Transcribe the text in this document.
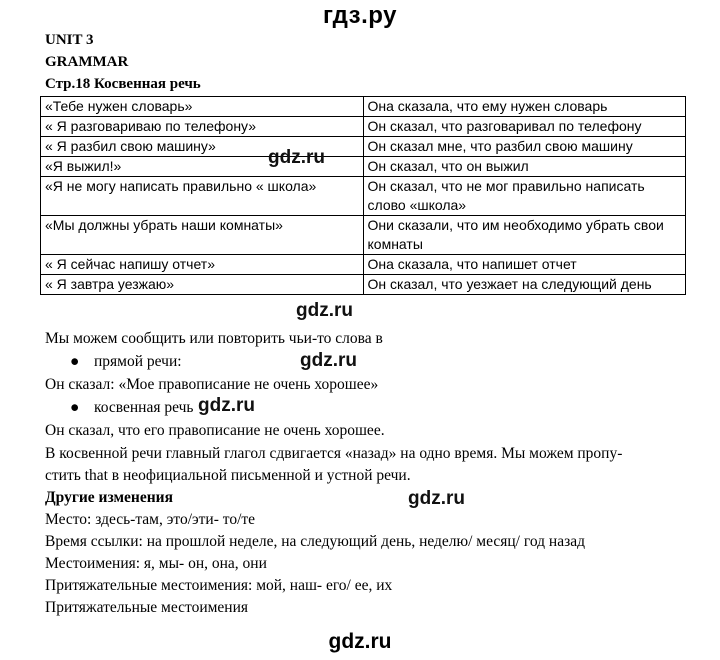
гдз.ру
UNIT 3
GRAMMAR
Стр.18 Косвенная речь
«Тебе нужен словарь»	Она сказала, что ему нужен словарь
« Я разговариваю по телефону»	Он сказал, что разговаривал по телефону
« Я разбил свою машину»	Он сказал мне, что разбил свою машину
«Я выжил!»	Он сказал, что он выжил
«Я не могу написать правильно « школа»	Он сказал, что не мог правильно написать слово «школа»
«Мы должны убрать наши комнаты»	Они сказали, что им необходимо убрать свои комнаты
« Я сейчас напишу отчет»	Она сказала, что напишет отчет
« Я завтра уезжаю»	Он сказал, что уезжает на следующий день
gdz.ru
gdz.ru
gdz.ru
gdz.ru
gdz.ru
Мы можем сообщить или повторить чьи-то слова в
● прямой речи:
Он сказал: «Мое правописание не очень хорошее»
● косвенная речь
Он сказал, что его правописание не очень хорошее.
В косвенной речи главный глагол сдвигается «назад» на одно время. Мы можем пропу-
стить that в неофициальной письменной и устной речи.
Другие изменения
Место: здесь-там, это/эти- то/те
Время ссылки: на прошлой неделе, на следующий день, неделю/ месяц/ год назад
Местоимения: я, мы- он, она, они
Притяжательные местоимения: мой, наш- его/ ее, их
Притяжательные местоимения
gdz.ru
